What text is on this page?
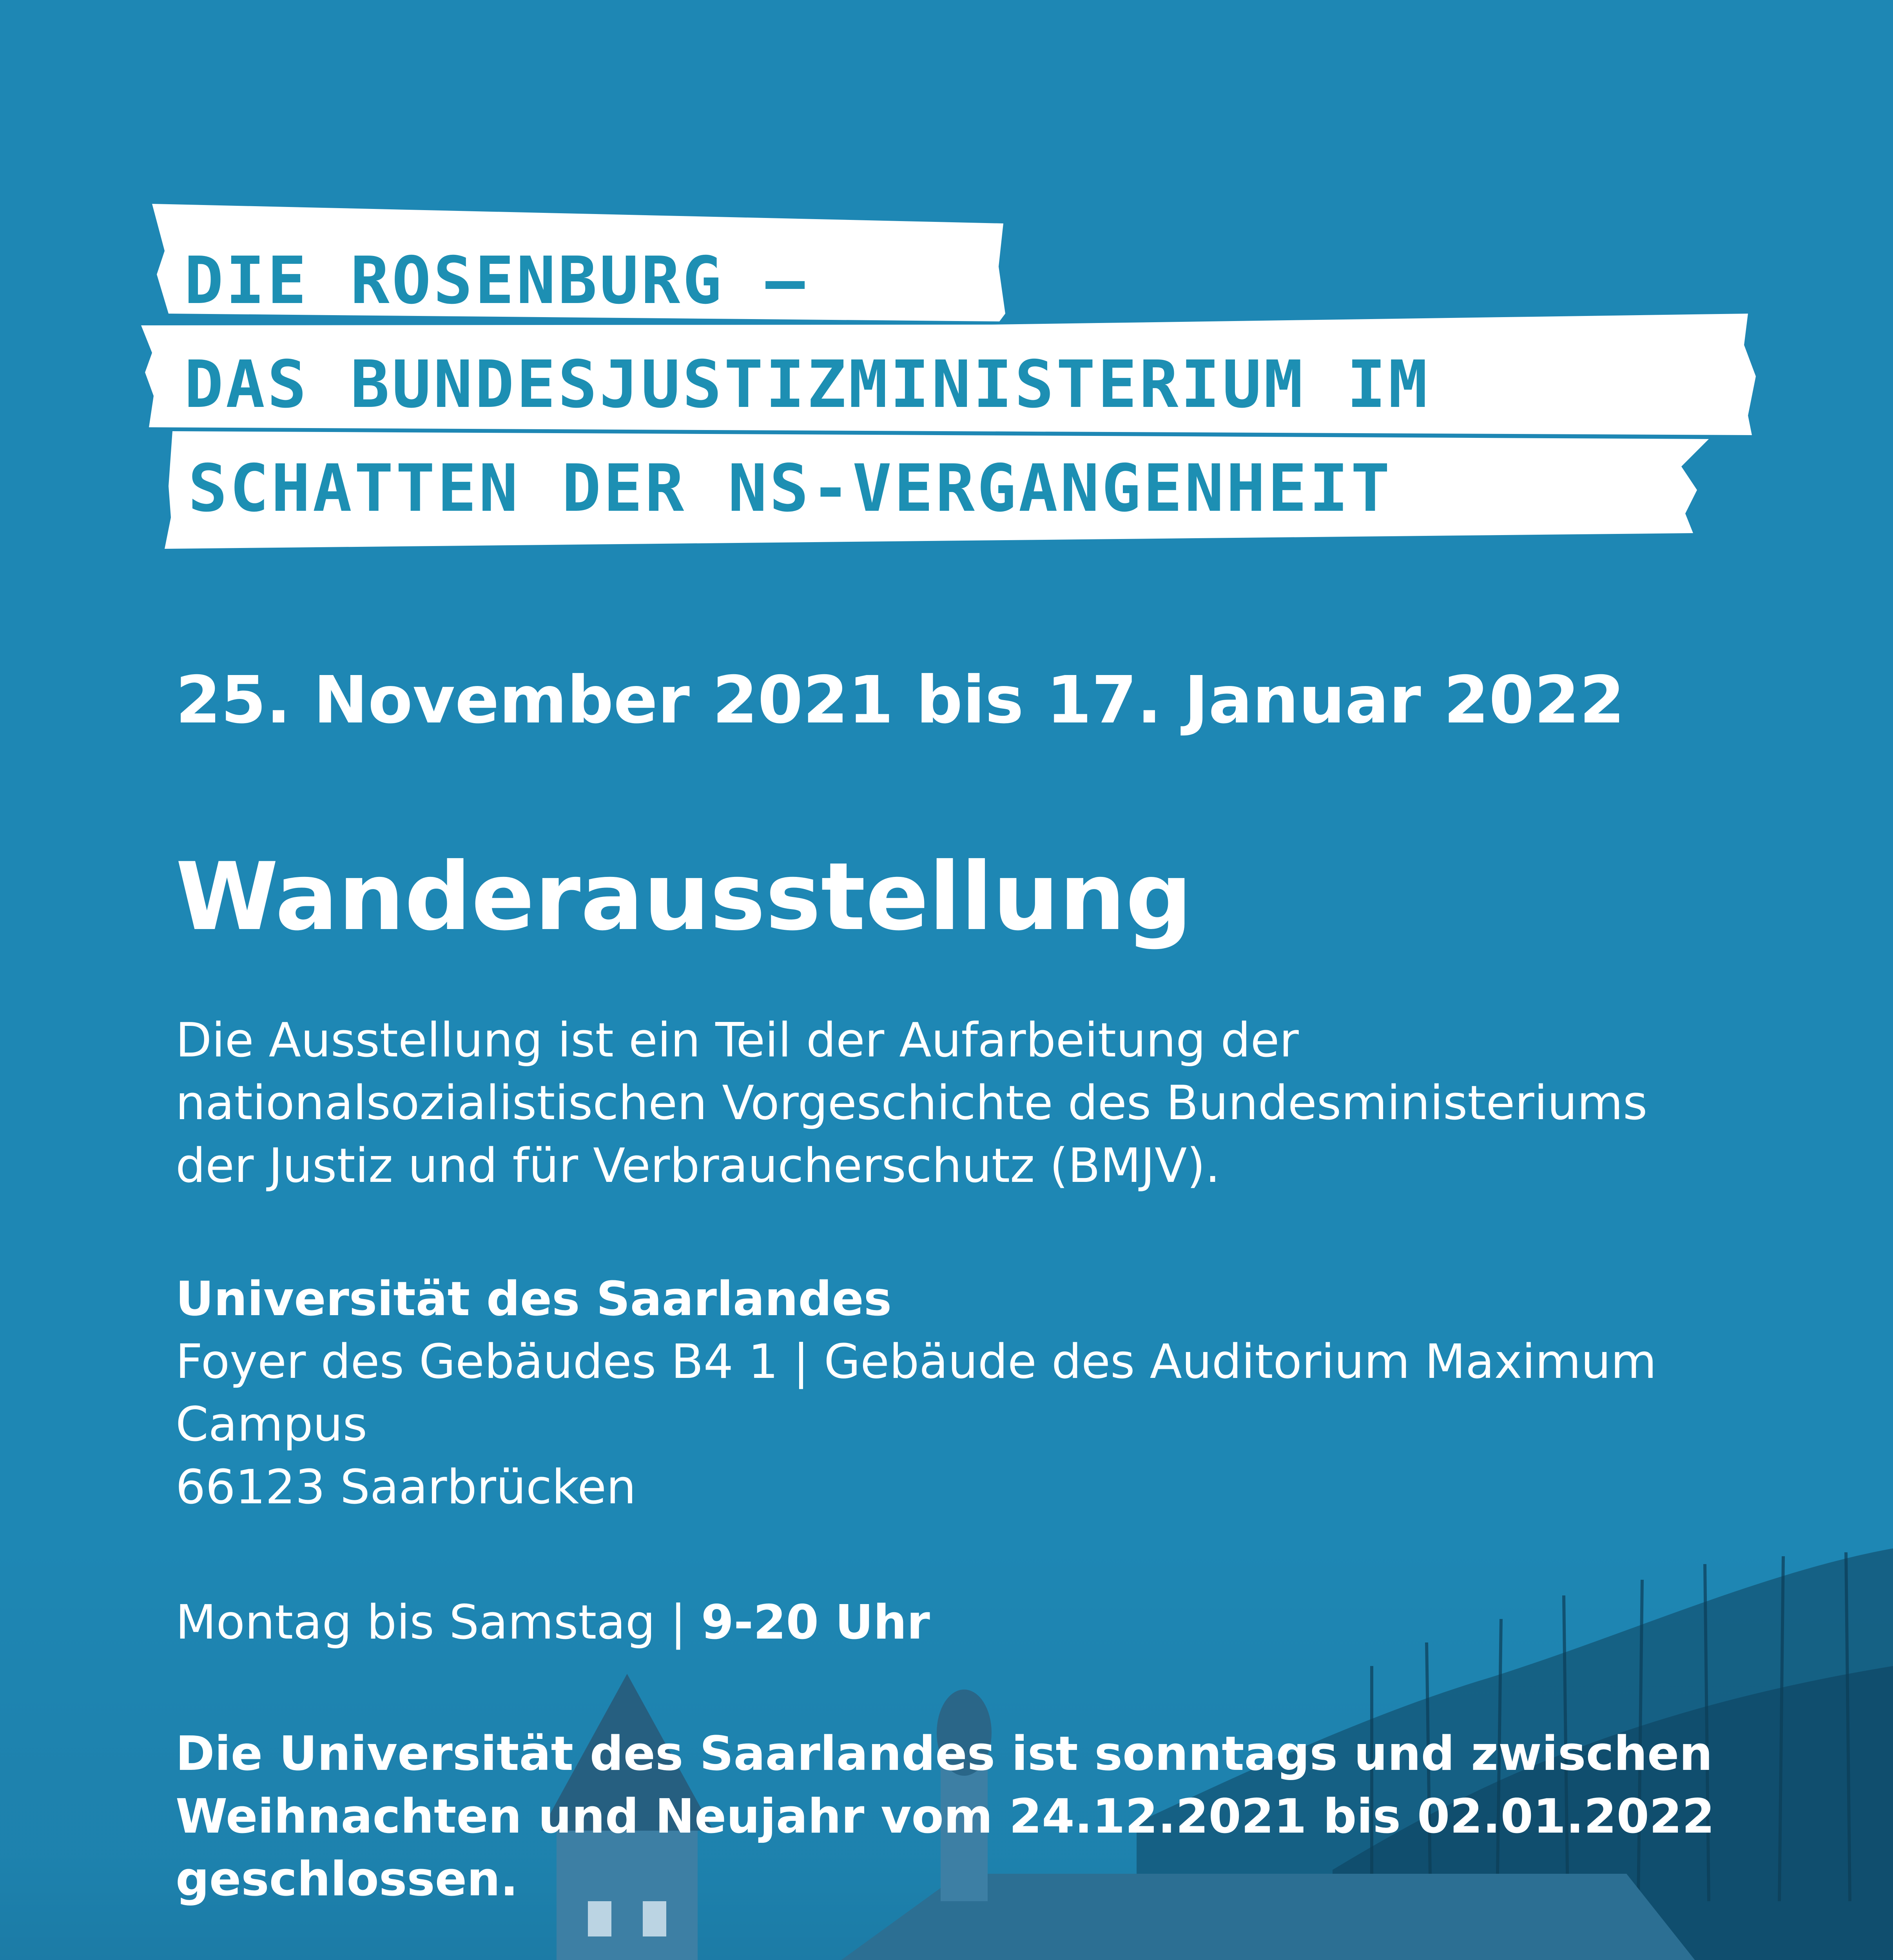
DIE ROSENBURG –
DAS BUNDESJUSTIZMINISTERIUM IM
SCHATTEN DER NS-VERGANGENHEIT
25. November 2021 bis 17. Januar 2022
Wanderausstellung
Die Ausstellung ist ein Teil der Aufarbeitung der
nationalsozialistischen Vorgeschichte des Bundesministeriums
der Justiz und für Verbraucherschutz (BMJV).
Universität des Saarlandes
Foyer des Gebäudes B4 1 | Gebäude des Auditorium Maximum
Campus
66123 Saarbrücken
Montag bis Samstag | 9-20 Uhr
Die Universität des Saarlandes ist sonntags und zwischen
Weihnachten und Neujahr vom 24.12.2021 bis 02.01.2022
geschlossen.
